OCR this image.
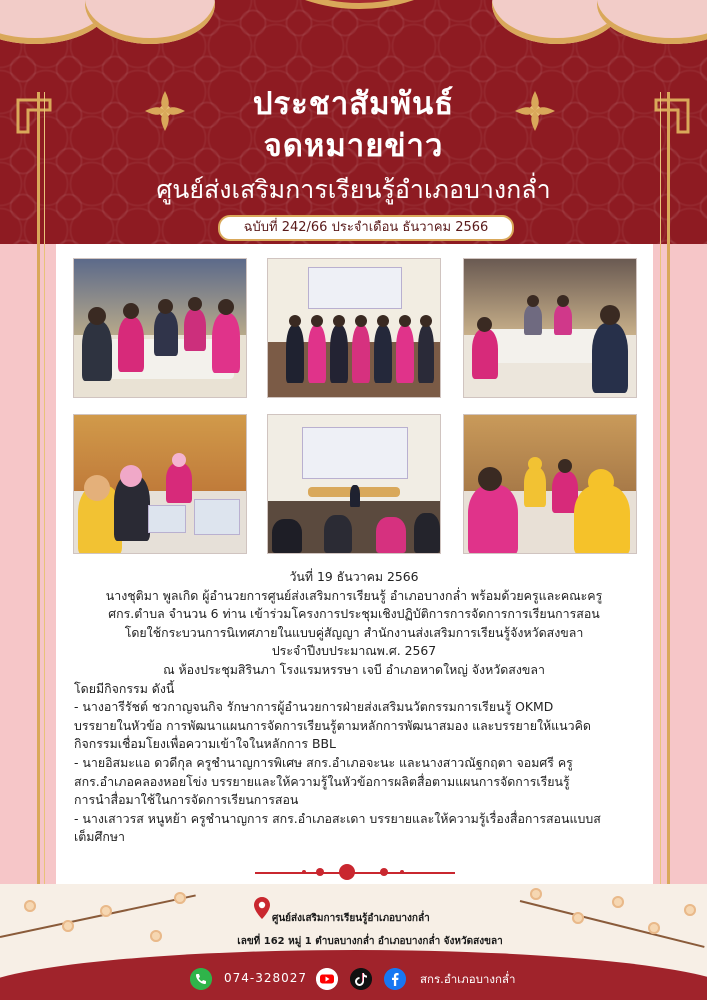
ประชาสัมพันธ์
จดหมายข่าว
ศูนย์ส่งเสริมการเรียนรู้อำเภอบางกล่ำ
ฉบับที่ 242/66 ประจำเดือน ธันวาคม 2566
วันที่ 19 ธันวาคม 2566
นางชุติมา พูลเกิด ผู้อำนวยการศูนย์ส่งเสริมการเรียนรู้ อำเภอบางกล่ำ พร้อมด้วยครูและคณะครู
ศกร.ตำบล จำนวน 6 ท่าน เข้าร่วมโครงการประชุมเชิงปฏิบัติการการจัดการการเรียนการสอน
โดยใช้กระบวนการนิเทศภายในแบบคู่สัญญา สำนักงานส่งเสริมการเรียนรู้จังหวัดสงขลา
ประจำปีงบประมาณพ.ศ. 2567
ณ ห้องประชุมสิรินภา โรงแรมหรรษา เจบี อำเภอหาดใหญ่ จังหวัดสงขลา
โดยมีกิจกรรม ดังนี้
- นางอารีรัชต์ ชวกาญจนกิจ รักษาการผู้อำนวยการฝ่ายส่งเสริมนวัตกรรมการเรียนรู้ OKMD
บรรยายในหัวข้อ การพัฒนาแผนการจัดการเรียนรู้ตามหลักการพัฒนาสมอง และบรรยายให้แนวคิด
กิจกรรมเชื่อมโยงเพื่อความเข้าใจในหลักการ BBL
- นายอิสมะแอ ดวดีกุล ครูชำนาญการพิเศษ สกร.อำเภอจะนะ และนางสาวณัฐกฤตา จอมศรี ครู
สกร.อำเภอคลองหอยโข่ง บรรยายและให้ความรู้ในหัวข้อการผลิตสื่อตามแผนการจัดการเรียนรู้
การนำสื่อมาใช้ในการจัดการเรียนการสอน
- นางเสาวรส หนูหย้า ครูชำนาญการ สกร.อำเภอสะเดา บรรยายและให้ความรู้เรื่องสื่อการสอนแบบส
เต็มศึกษา
ศูนย์ส่งเสริมการเรียนรู้อำเภอบางกล่ำ
เลขที่ 162 หมู่ 1 ตำบลบางกล่ำ อำเภอบางกล่ำ จังหวัดสงขลา
074-328027	สกร.อำเภอบางกล่ำ
